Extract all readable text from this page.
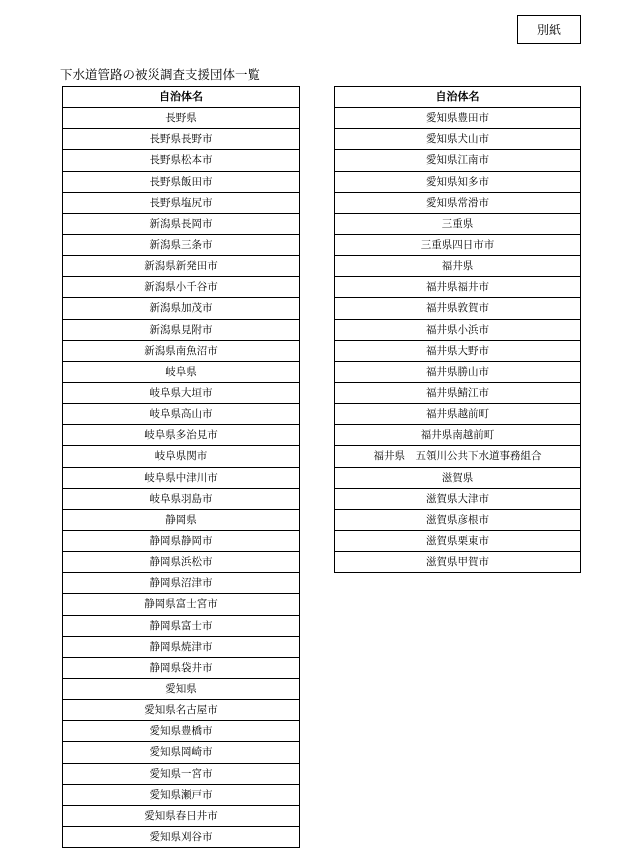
別紙
下水道管路の被災調査支援団体一覧
自治体名
長野県
長野県長野市
長野県松本市
長野県飯田市
長野県塩尻市
新潟県長岡市
新潟県三条市
新潟県新発田市
新潟県小千谷市
新潟県加茂市
新潟県見附市
新潟県南魚沼市
岐阜県
岐阜県大垣市
岐阜県高山市
岐阜県多治見市
岐阜県関市
岐阜県中津川市
岐阜県羽島市
静岡県
静岡県静岡市
静岡県浜松市
静岡県沼津市
静岡県富士宮市
静岡県富士市
静岡県焼津市
静岡県袋井市
愛知県
愛知県名古屋市
愛知県豊橋市
愛知県岡崎市
愛知県一宮市
愛知県瀬戸市
愛知県春日井市
愛知県刈谷市
自治体名
愛知県豊田市
愛知県犬山市
愛知県江南市
愛知県知多市
愛知県常滑市
三重県
三重県四日市市
福井県
福井県福井市
福井県敦賀市
福井県小浜市
福井県大野市
福井県勝山市
福井県鯖江市
福井県越前町
福井県南越前町
福井県　五領川公共下水道事務組合
滋賀県
滋賀県大津市
滋賀県彦根市
滋賀県栗東市
滋賀県甲賀市
